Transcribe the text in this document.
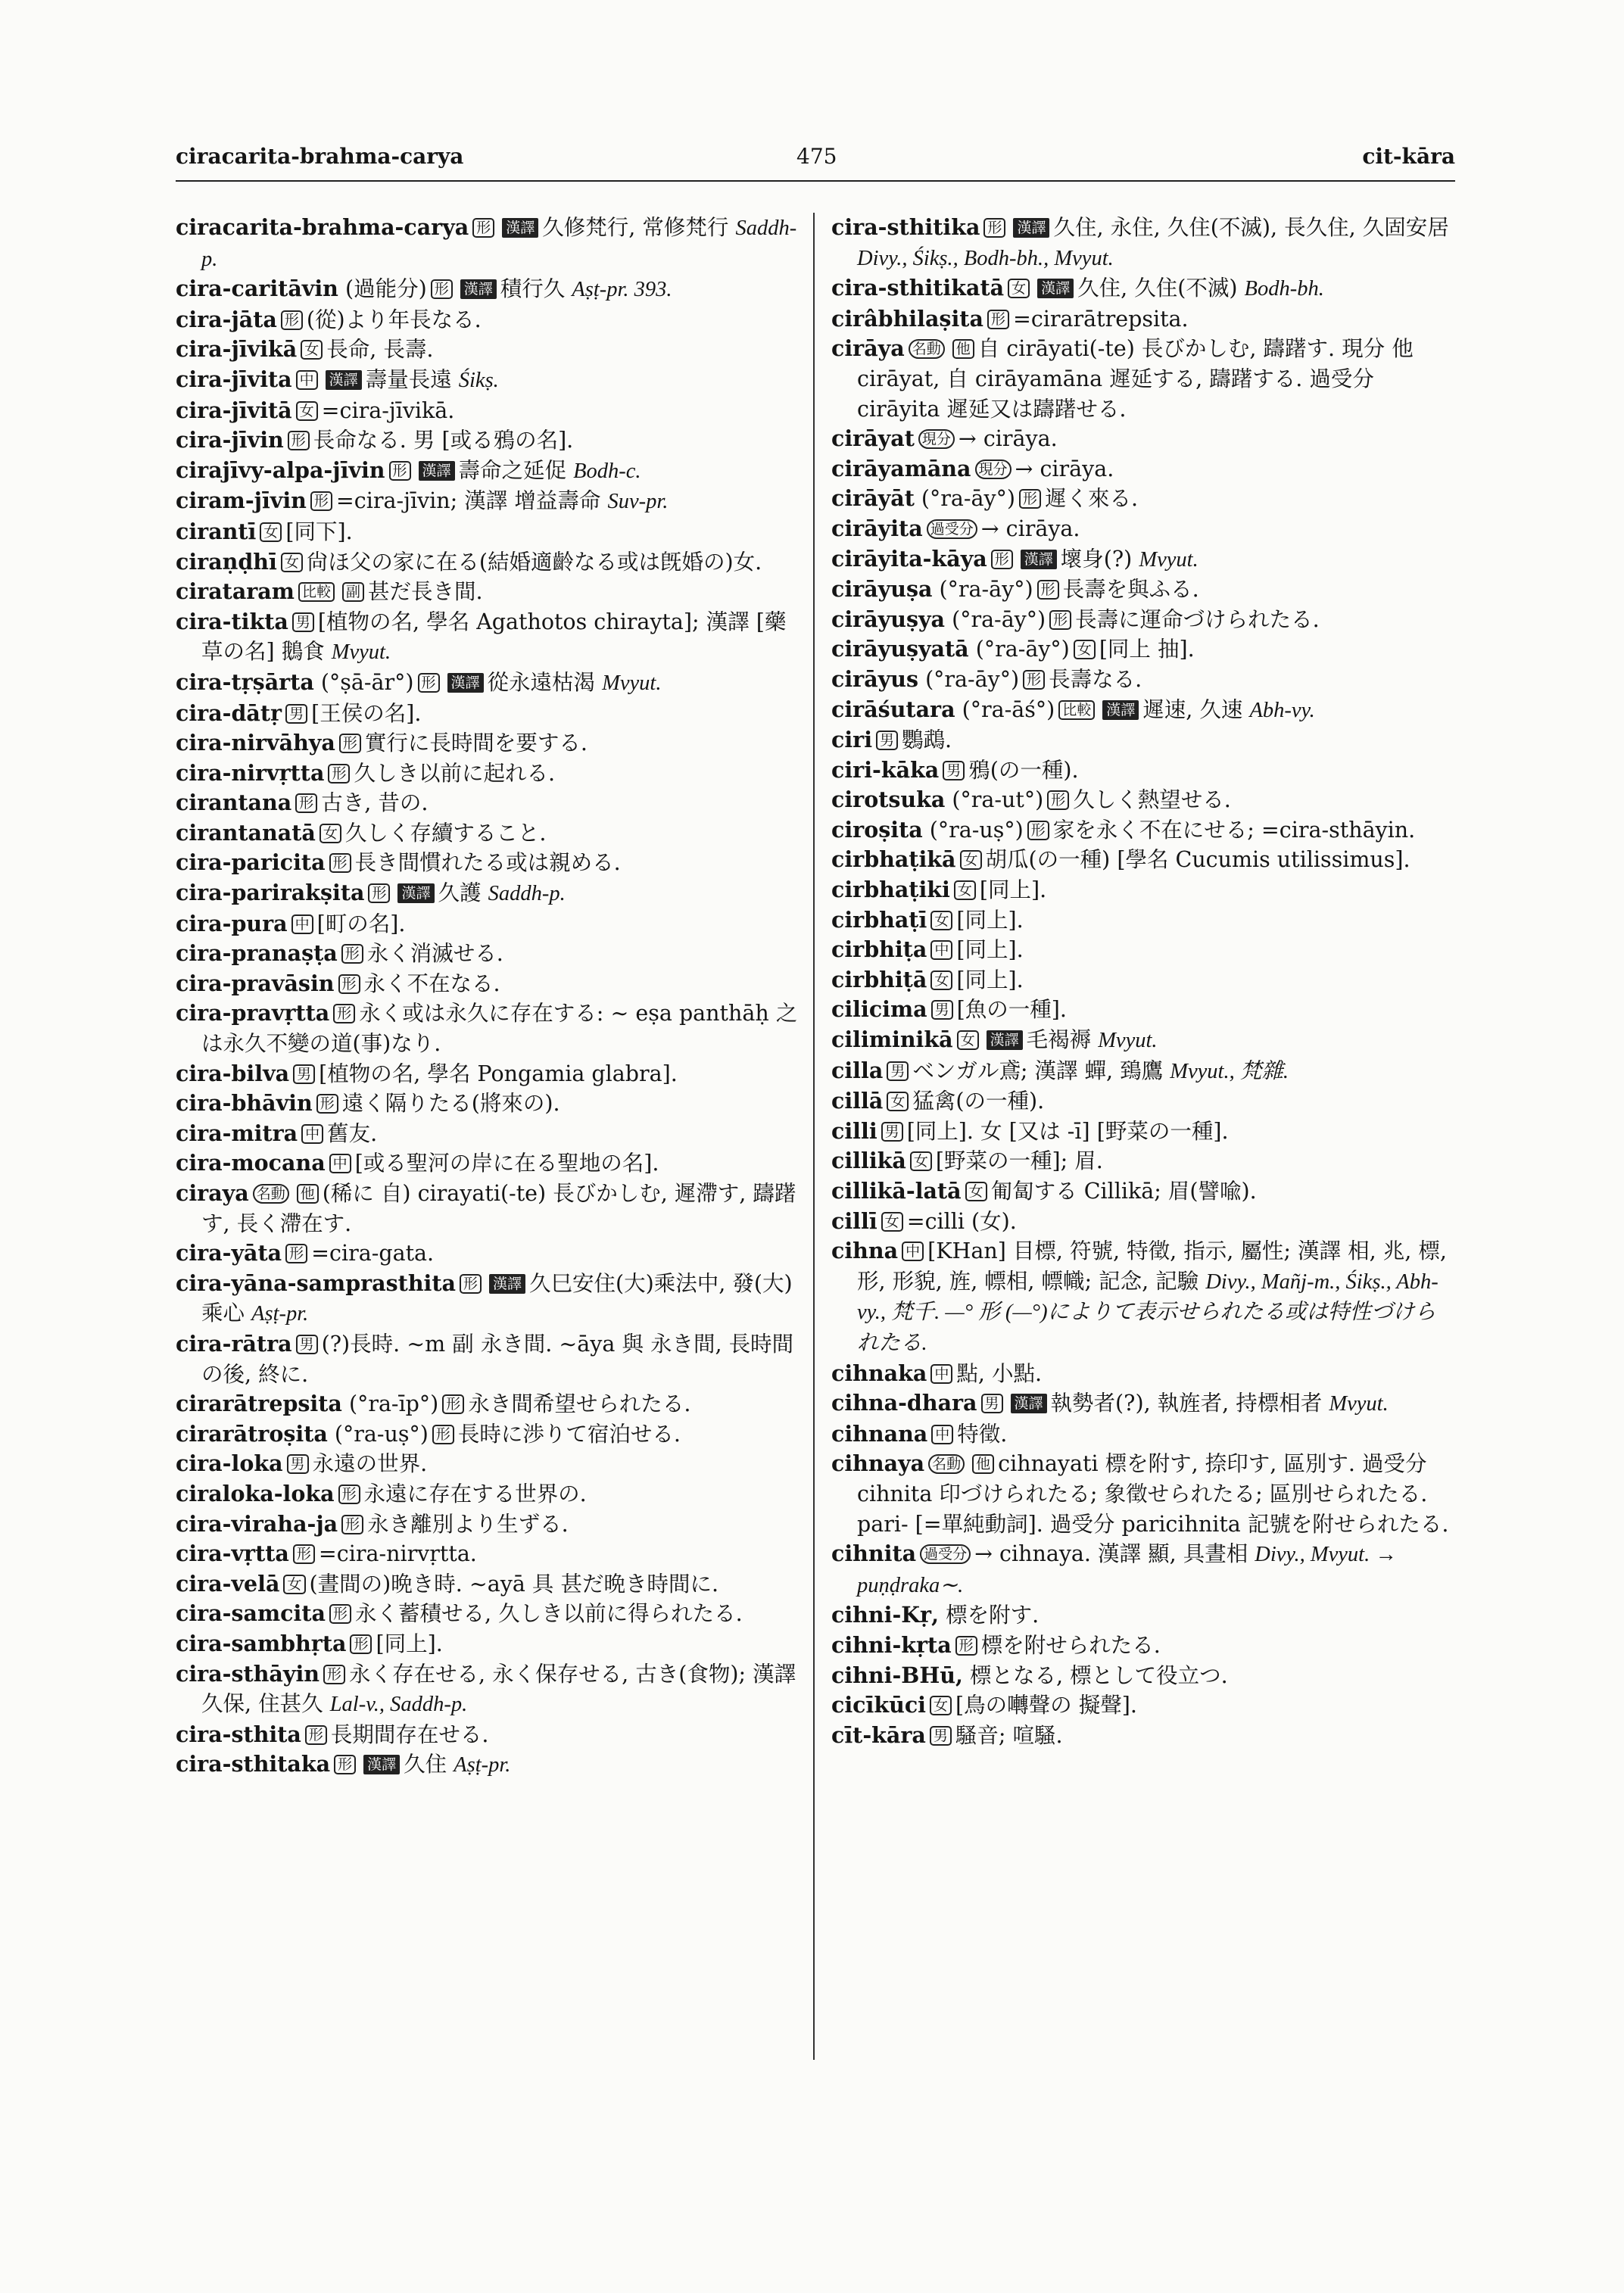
ciracarita-brahma-carya	475	cit-kāra

ciracarita-brahma-carya 形 漢譯 久修梵行, 常修梵行 Saddh-p.

cira-caritāvin (過能分) 形 漢譯 積行久 Aṣṭ-pr. 393.

cira-jāta 形 (從)より年長なる.

cira-jīvikā 女 長命, 長壽.

cira-jīvita 中 漢譯 壽量長遠 Śikṣ.

cira-jīvitā 女 =cira-jīvikā.

cira-jīvin 形 長命なる. 男 [或る鴉の名].

cirajīvy-alpa-jīvin 形 漢譯 壽命之延促 Bodh-c.

ciram-jīvin 形 =cira-jīvin; 漢譯 增益壽命 Suv-pr.

cirantī 女 [同下].

ciraṇḍhī 女 尙ほ父の家に在る(結婚適齡なる或は旣婚の)女.

cirataram 比較 副 甚だ長き間.

cira-tikta 男 [植物の名, 學名 Agathotos chirayta]; 漢譯 [藥草の名] 鵝食 Mvyut.

cira-tṛṣārta (°ṣā-ār°) 形 漢譯 從永遠枯渴 Mvyut.

cira-dātṛ 男 [王侯の名].

cira-nirvāhya 形 實行に長時間を要する.

cira-nirvṛtta 形 久しき以前に起れる.

cirantana 形 古き, 昔の.

cirantanatā 女 久しく存續すること.

cira-paricita 形 長き間慣れたる或は親める.

cira-parirakṣita 形 漢譯 久護 Saddh-p.

cira-pura 中 [町の名].

cira-pranaṣṭa 形 永く消滅せる.

cira-pravāsin 形 永く不在なる.

cira-pravṛtta 形 永く或は永久に存在する: ∼ eṣa panthāḥ 之は永久不變の道(事)なり.

cira-bilva 男 [植物の名, 學名 Pongamia glabra].

cira-bhāvin 形 遠く隔りたる(將來の).

cira-mitra 中 舊友.

cira-mocana 中 [或る聖河の岸に在る聖地の名].

ciraya 名動 他 (稀に 自) cirayati(-te) 長びかしむ, 遲滯す, 躊躇す, 長く滯在す.

cira-yāta 形 =cira-gata.

cira-yāna-samprasthita 形 漢譯 久巳安住(大)乘法中, 發(大)乘心 Aṣṭ-pr.

cira-rātra 男 (?)長時. ∼m 副 永き間. ∼āya 與 永き間, 長時間の後, 終に.

cirarātrepsita (°ra-īp°) 形 永き間希望せられたる.

cirarātroṣita (°ra-uṣ°) 形 長時に渉りて宿泊せる.

cira-loka 男 永遠の世界.

ciraloka-loka 形 永遠に存在する世界の.

cira-viraha-ja 形 永き離別より生ずる.

cira-vṛtta 形 =cira-nirvṛtta.

cira-velā 女 (晝間の)晩き時. ∼ayā 具 甚だ晩き時間に.

cira-samcita 形 永く蓄積せる, 久しき以前に得られたる.

cira-sambhṛta 形 [同上].

cira-sthāyin 形 永く存在せる, 永く保存せる, 古き(食物); 漢譯 久保, 住甚久 Lal-v., Saddh-p.

cira-sthita 形 長期間存在せる.

cira-sthitaka 形 漢譯 久住 Aṣṭ-pr.

cira-sthitika 形 漢譯 久住, 永住, 久住(不滅), 長久住, 久固安居 Divy., Śikṣ., Bodh-bh., Mvyut.

cira-sthitikatā 女 漢譯 久住, 久住(不滅) Bodh-bh.

cirâbhilaṣita 形 =cirarātrepsita.

cirāya 名動 他 自 cirāyati(-te) 長びかしむ, 躊躇す. 現分 他 cirāyat, 自 cirāyamāna 遲延する, 躊躇する. 過受分 cirāyita 遲延又は躊躇せる.

cirāyat 現分 → cirāya.

cirāyamāna 現分 → cirāya.

cirāyāt (°ra-āy°) 形 遲く來る.

cirāyita 過受分 → cirāya.

cirāyita-kāya 形 漢譯 壞身(?) Mvyut.

cirāyuṣa (°ra-āy°) 形 長壽を與ふる.

cirāyuṣya (°ra-āy°) 形 長壽に運命づけられたる.

cirāyuṣyatā (°ra-āy°) 女 [同上 抽].

cirāyus (°ra-āy°) 形 長壽なる.

cirāśutara (°ra-āś°) 比較 漢譯 遲速, 久速 Abh-vy.

ciri 男 鸚鵡.

ciri-kāka 男 鴉(の一種).

cirotsuka (°ra-ut°) 形 久しく熱望せる.

ciroṣita (°ra-uṣ°) 形 家を永く不在にせる; =cira-sthāyin.

cirbhaṭikā 女 胡瓜(の一種) [學名 Cucumis utilissimus].

cirbhaṭiki 女 [同上].

cirbhaṭī 女 [同上].

cirbhiṭa 中 [同上].

cirbhiṭā 女 [同上].

cilicima 男 [魚の一種].

ciliminikā 女 漢譯 毛褐褥 Mvyut.

cilla 男 ベンガル鳶; 漢譯 蟬, 鵄鷹 Mvyut., 梵雜.

cillā 女 猛禽(の一種).

cilli 男 [同上]. 女 [又は -ī] [野菜の一種].

cillikā 女 [野菜の一種]; 眉.

cillikā-latā 女 匍匐する Cillikā; 眉(譬喩).

cillī 女 =cilli (女).

cihna 中 [KHan] 目標, 符號, 特徵, 指示, 屬性; 漢譯 相, 兆, 標, 形, 形貌, 旌, 幖相, 幖幟; 記念, 記驗 Divy., Mañj-m., Śikṣ., Abh-vy., 梵千. —° 形 (—°)によりて表示せられたる或は特性づけられたる.

cihnaka 中 點, 小點.

cihna-dhara 男 漢譯 執勢者(?), 執旌者, 持標相者 Mvyut.

cihnana 中 特徵.

cihnaya 名動 他 cihnayati 標を附す, 捺印す, 區別す. 過受分 cihnita 印づけられたる; 象徵せられたる; 區別せられたる. pari- [=單純動詞]. 過受分 paricihnita 記號を附せられたる.

cihnita 過受分 → cihnaya. 漢譯 顯, 具晝相 Divy., Mvyut. → puṇḍraka∼.

cihni-Kṛ, 標を附す.

cihni-kṛta 形 標を附せられたる.

cihni-BHū, 標となる, 標として役立つ.

cicīkūci 女 [鳥の囀聲の 擬聲].

cīt-kāra 男 騷音; 喧騷.
